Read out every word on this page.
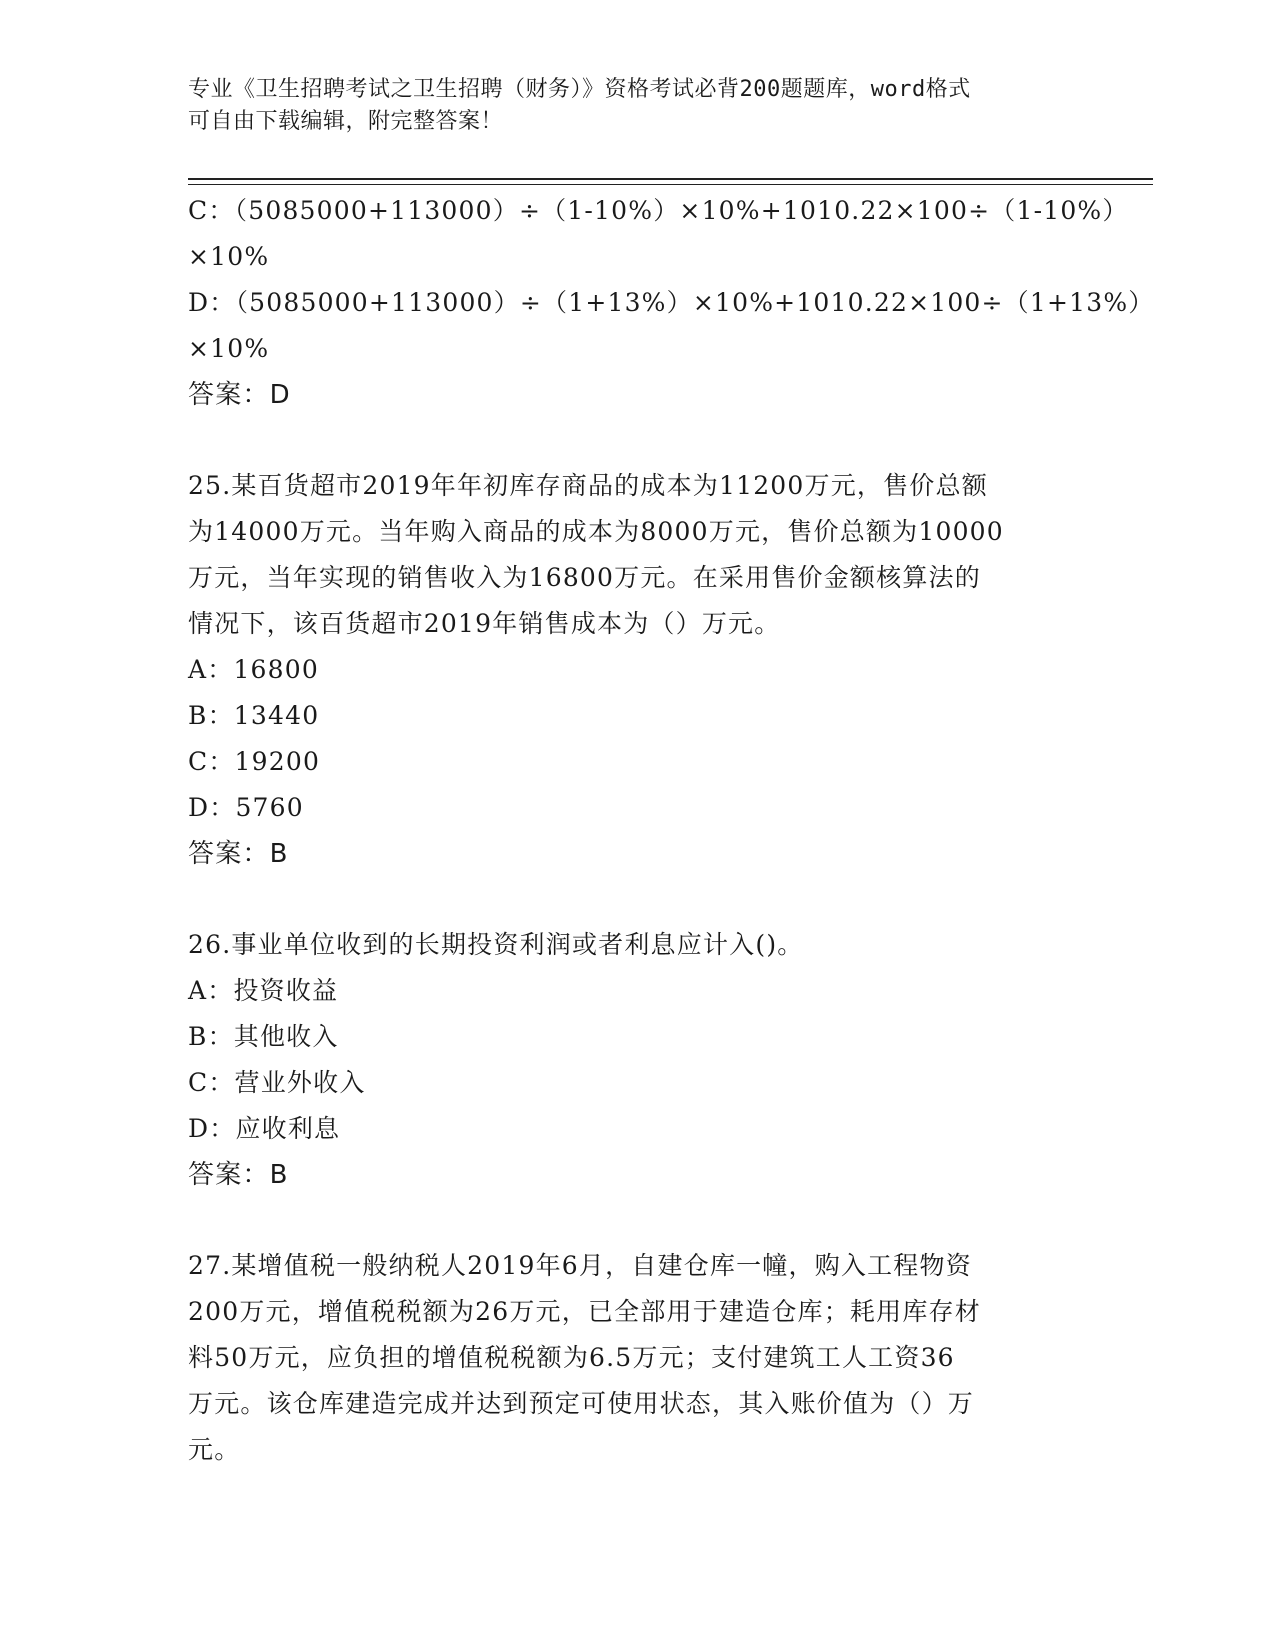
专业《卫生招聘考试之卫生招聘（财务）》资格考试必背200题题库，word格式
可自由下载编辑，附完整答案！
C：（5085000+113000）÷（1-10%）×10%+1010.22×100÷（1-10%）
×10%
D：（5085000+113000）÷（1+13%）×10%+1010.22×100÷（1+13%）
×10%
答案：D
25.某百货超市2019年年初库存商品的成本为11200万元，售价总额
为14000万元。当年购入商品的成本为8000万元，售价总额为10000
万元，当年实现的销售收入为16800万元。在采用售价金额核算法的
情况下，该百货超市2019年销售成本为（）万元。
A：16800
B：13440
C：19200
D：5760
答案：B
26.事业单位收到的长期投资利润或者利息应计入()。
A：投资收益
B：其他收入
C：营业外收入
D：应收利息
答案：B
27.某增值税一般纳税人2019年6月，自建仓库一幢，购入工程物资
200万元，增值税税额为26万元，已全部用于建造仓库；耗用库存材
料50万元，应负担的增值税税额为6.5万元；支付建筑工人工资36
万元。该仓库建造完成并达到预定可使用状态，其入账价值为（）万
元。
